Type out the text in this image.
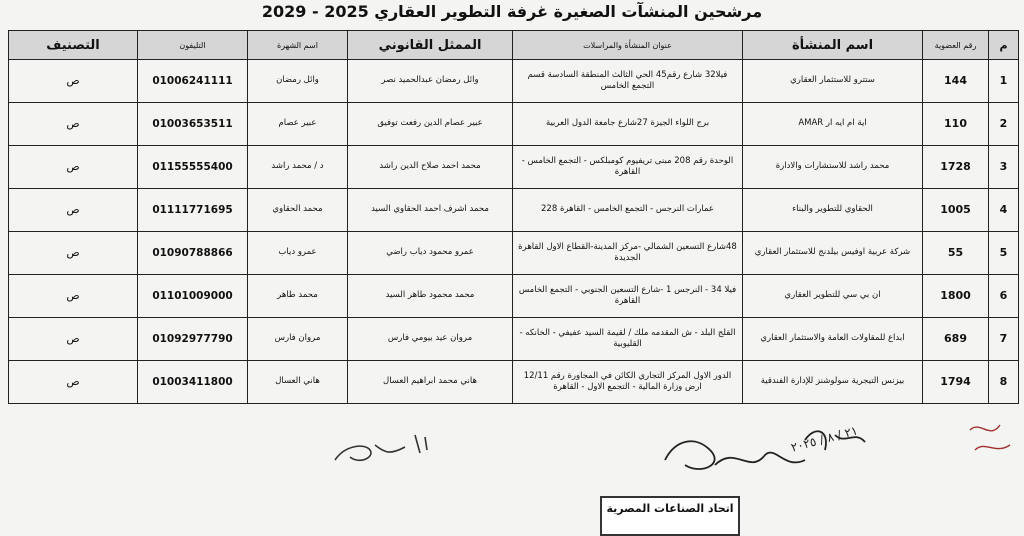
مرشحين المنشآت الصغيرة غرفة التطوير العقاري 2025 - 2029
م	رقم العضوية	اسم المنشأة	عنوان المنشأة والمراسلات	الممثل القانوني	اسم الشهرة	التليفون	التصنيف
1	144	ستترو للاستثمار العقاري	فيلا32 شارع رقم45 الحي الثالث المنطقة السادسة قسم التجمع الخامس	وائل رمضان عبدالحميد نصر	وائل رمضان	01006241111	ص
2	110	اية ام ايه ار AMAR	برج اللواء الجيزة 27شارع جامعة الدول العربية	عبير عصام الدين رفعت توفيق	عبير عصام	01003653511	ص
3	1728	محمد راشد للاستشارات والادارة	الوحدة رقم 208 مبنى تريفيوم كومبلكس - التجمع الخامس - القاهرة	محمد احمد صلاح الدين راشد	د / محمد راشد	01155555400	ص
4	1005	الحقاوي للتطوير والبناء	عمارات النرجس - التجمع الخامس - القاهرة 228	محمد اشرف احمد الحقاوي السيد	محمد الحقاوي	01111771695	ص
5	55	شركة عربية اوفيس بيلدنج للاستثمار العقاري	48شارع التسعين الشمالي -مركز المدينة-القطاع الاول القاهرة الجديدة	عمرو محمود دياب راضي	عمرو دياب	01090788866	ص
6	1800	ان بي سي للتطوير العقاري	فيلا 34 - النرجس 1 -شارع التسعين الجنوبي - التجمع الخامس القاهرة	محمد محمود طاهر السيد	محمد طاهر	01101009000	ص
7	689	ابداع للمقاولات العامة والاستثمار العقاري	القلج البلد - ش المقدمه ملك / لقيمة السيد عفيفي - الخانكه - القليوبية	مروان عيد بيومي فارس	مروان فارس	01092977790	ص
8	1794	بيزنس التيجرية سولوشنز للإدارة الفندقية	الدور الاول المركز التجاري الكائن في المجاورة رقم 12/11 ارض وزارة المالية - التجمع الاول - القاهرة	هاني محمد ابراهيم العسال	هاني العسال	01003411800	ص
٢١ / ٨ / ٢٠٢٥
اتحاد الصناعات المصرية
